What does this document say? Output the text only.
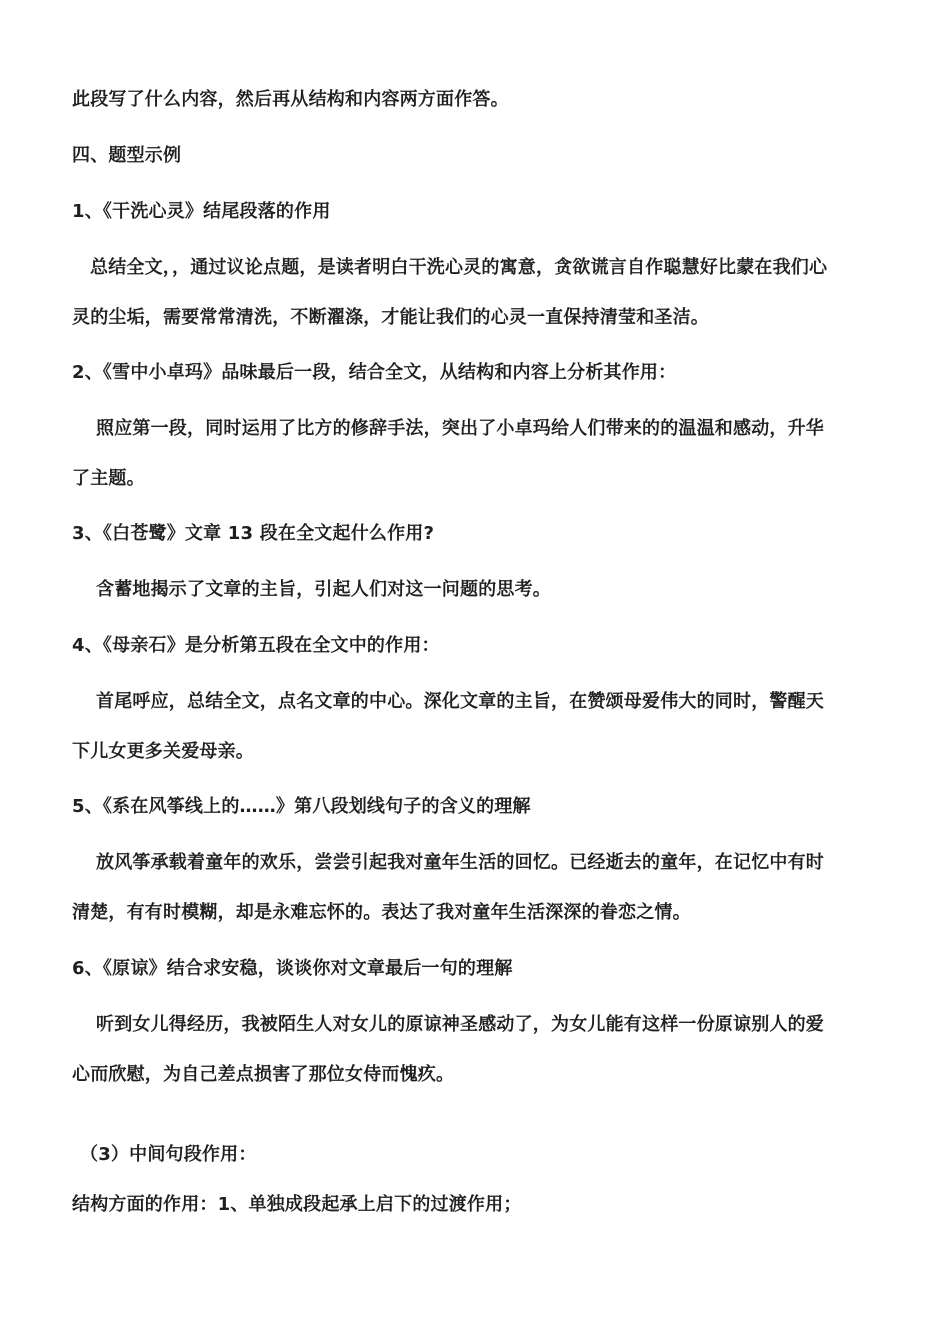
此段写了什么内容，然后再从结构和内容两方面作答。
四、题型示例
1、《干洗心灵》结尾段落的作用
总结全文，，通过议论点题，是读者明白干洗心灵的寓意，贪欲谎言自作聪慧好比蒙在我们心
灵的尘垢，需要常常清洗，不断濯涤，才能让我们的心灵一直保持清莹和圣洁。
2、《雪中小卓玛》品味最后一段，结合全文，从结构和内容上分析其作用：
照应第一段，同时运用了比方的修辞手法，突出了小卓玛给人们带来的的温温和感动，升华
了主题。
3、《白苍鹭》文章 13 段在全文起什么作用?
含蓄地揭示了文章的主旨，引起人们对这一问题的思考。
4、《母亲石》是分析第五段在全文中的作用：
首尾呼应，总结全文，点名文章的中心。深化文章的主旨，在赞颂母爱伟大的同时，警醒天
下儿女更多关爱母亲。
5、《系在风筝线上的……》第八段划线句子的含义的理解
放风筝承载着童年的欢乐，尝尝引起我对童年生活的回忆。已经逝去的童年，在记忆中有时
清楚，有有时模糊，却是永难忘怀的。表达了我对童年生活深深的眷恋之情。
6、《原谅》结合求安稳，谈谈你对文章最后一句的理解
听到女儿得经历，我被陌生人对女儿的原谅神圣感动了，为女儿能有这样一份原谅别人的爱
心而欣慰，为自己差点损害了那位女侍而愧疚。
（3）中间句段作用：
结构方面的作用：1、单独成段起承上启下的过渡作用；
